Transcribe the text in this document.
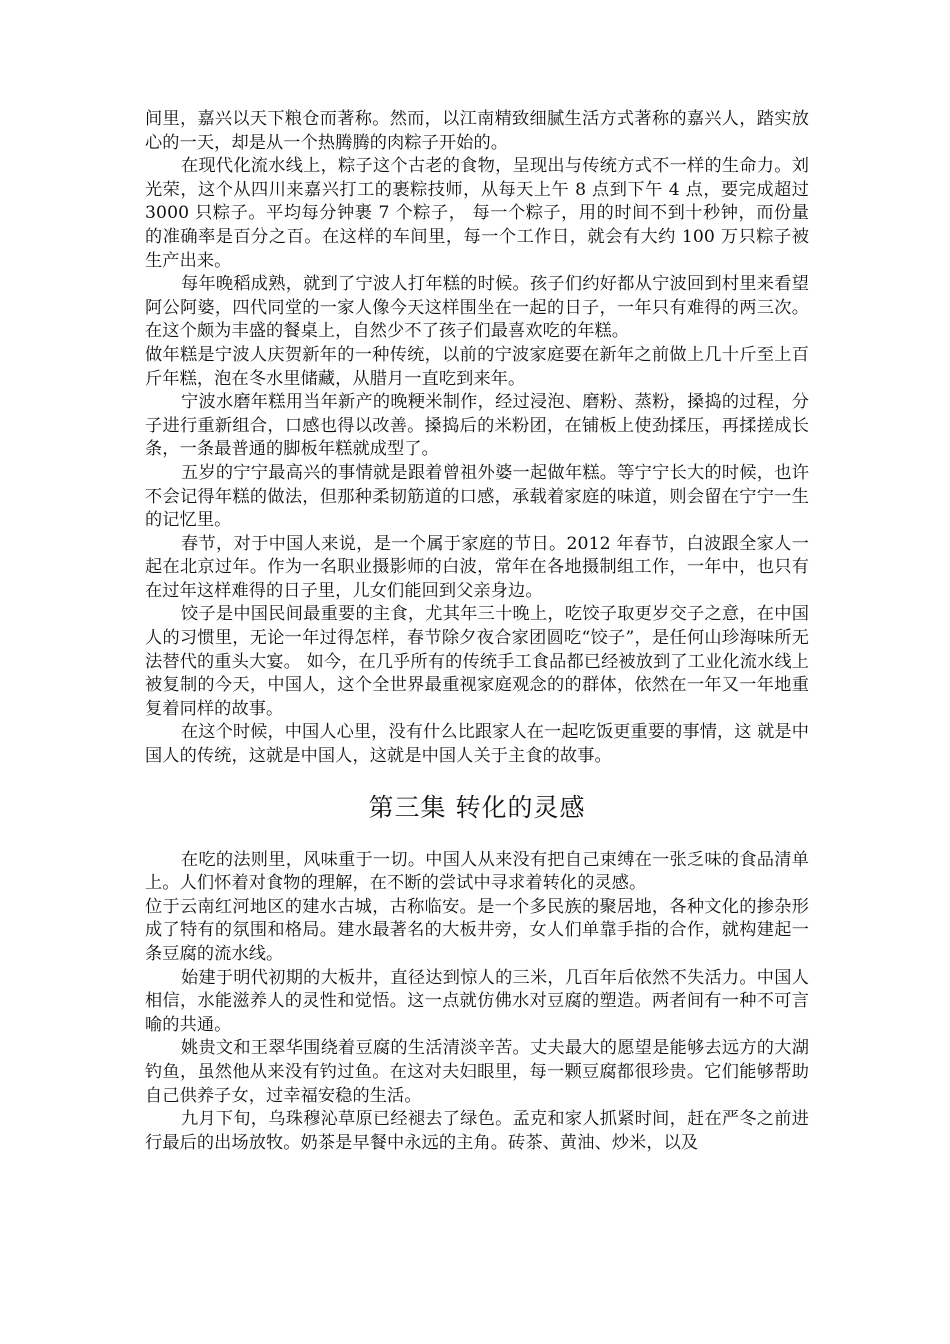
间里，嘉兴以天下粮仓而著称。然而，以江南精致细腻生活方式著称的嘉兴人，踏实放心的一天，却是从一个热腾腾的肉粽子开始的。

在现代化流水线上，粽子这个古老的食物，呈现出与传统方式不一样的生命力。刘光荣，这个从四川来嘉兴打工的裹粽技师，从每天上午 8 点到下午 4 点，要完成超过 3000 只粽子。平均每分钟裹 7 个粽子， 每一个粽子，用的时间不到十秒钟，而份量的准确率是百分之百。在这样的车间里，每一个工作日，就会有大约 100 万只粽子被生产出来。

每年晚稻成熟，就到了宁波人打年糕的时候。孩子们约好都从宁波回到村里来看望阿公阿婆，四代同堂的一家人像今天这样围坐在一起的日子，一年只有难得的两三次。在这个颇为丰盛的餐桌上，自然少不了孩子们最喜欢吃的年糕。

做年糕是宁波人庆贺新年的一种传统，以前的宁波家庭要在新年之前做上几十斤至上百斤年糕，泡在冬水里储藏，从腊月一直吃到来年。

宁波水磨年糕用当年新产的晚粳米制作，经过浸泡、磨粉、蒸粉，搡捣的过程，分子进行重新组合，口感也得以改善。搡捣后的米粉团，在铺板上使劲揉压，再揉搓成长条，一条最普通的脚板年糕就成型了。

五岁的宁宁最高兴的事情就是跟着曾祖外婆一起做年糕。等宁宁长大的时候，也许不会记得年糕的做法，但那种柔韧筋道的口感，承载着家庭的味道，则会留在宁宁一生的记忆里。

春节，对于中国人来说，是一个属于家庭的节日。2012 年春节，白波跟全家人一起在北京过年。作为一名职业摄影师的白波，常年在各地摄制组工作，一年中，也只有在过年这样难得的日子里，儿女们能回到父亲身边。

饺子是中国民间最重要的主食，尤其年三十晚上，吃饺子取更岁交子之意，在中国人的习惯里，无论一年过得怎样，春节除夕夜合家团圆吃“饺子”，是任何山珍海味所无法替代的重头大宴。 如今，在几乎所有的传统手工食品都已经被放到了工业化流水线上被复制的今天，中国人，这个全世界最重视家庭观念的的群体，依然在一年又一年地重复着同样的故事。

在这个时候，中国人心里，没有什么比跟家人在一起吃饭更重要的事情，这 就是中国人的传统，这就是中国人，这就是中国人关于主食的故事。

第三集 转化的灵感

在吃的法则里，风味重于一切。中国人从来没有把自己束缚在一张乏味的食品清单上。人们怀着对食物的理解，在不断的尝试中寻求着转化的灵感。

位于云南红河地区的建水古城，古称临安。是一个多民族的聚居地，各种文化的掺杂形成了特有的氛围和格局。建水最著名的大板井旁，女人们单靠手指的合作，就构建起一条豆腐的流水线。

始建于明代初期的大板井，直径达到惊人的三米，几百年后依然不失活力。中国人相信，水能滋养人的灵性和觉悟。这一点就仿佛水对豆腐的塑造。两者间有一种不可言喻的共通。

姚贵文和王翠华围绕着豆腐的生活清淡辛苦。丈夫最大的愿望是能够去远方的大湖钓鱼，虽然他从来没有钓过鱼。在这对夫妇眼里，每一颗豆腐都很珍贵。它们能够帮助自己供养子女，过幸福安稳的生活。

九月下旬，乌珠穆沁草原已经褪去了绿色。孟克和家人抓紧时间，赶在严冬之前进行最后的出场放牧。奶茶是早餐中永远的主角。砖茶、黄油、炒米，以及
